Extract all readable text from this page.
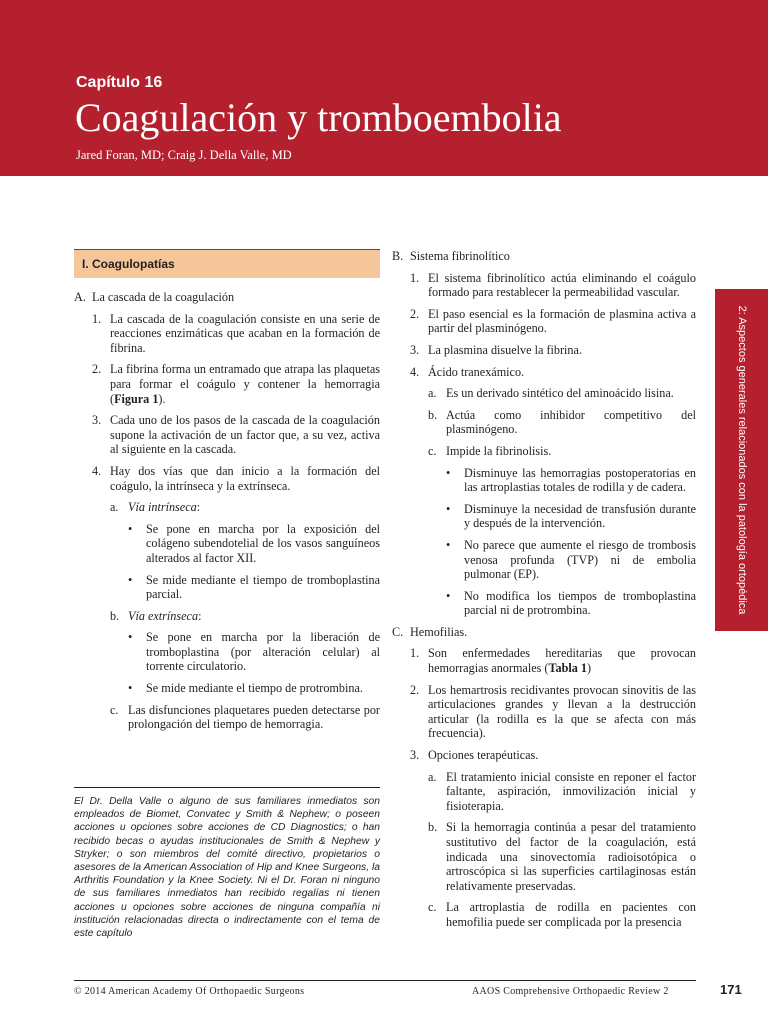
Capítulo 16
Coagulación y tromboembolia
Jared Foran, MD; Craig J. Della Valle, MD
2: Aspectos generales relacionados con la patología ortopédica
I. Coagulopatías
A. La cascada de la coagulación
1. La cascada de la coagulación consiste en una serie de reacciones enzimáticas que acaban en la formación de fibrina.
2. La fibrina forma un entramado que atrapa las plaquetas para formar el coágulo y contener la hemorragia (Figura 1).
3. Cada uno de los pasos de la cascada de la coagulación supone la activación de un factor que, a su vez, activa al siguiente en la cascada.
4. Hay dos vías que dan inicio a la formación del coágulo, la intrínseca y la extrínseca.
a. Vía intrínseca:
•	Se pone en marcha por la exposición del colágeno subendotelial de los vasos sanguíneos alterados al factor XII.
•	Se mide mediante el tiempo de tromboplastina parcial.
b. Vía extrínseca:
•	Se pone en marcha por la liberación de tromboplastina (por alteración celular) al torrente circulatorio.
•	Se mide mediante el tiempo de protrombina.
c. Las disfunciones plaquetares pueden detectarse por prolongación del tiempo de hemorragia.
El Dr. Della Valle o alguno de sus familiares inmediatos son empleados de Biomet, Convatec y Smith & Nephew; o poseen acciones u opciones sobre acciones de CD Diagnostics; o han recibido becas o ayudas institucionales de Smith & Nephew y Stryker; o son miembros del comité directivo, propietarios o asesores de la American Association of Hip and Knee Surgeons, la Arthritis Foundation y la Knee Society. Ni el Dr. Foran ni ninguno de sus familiares inmediatos han recibido regalías ni tienen acciones u opciones sobre acciones de ninguna compañía ni institución relacionadas directa o indirectamente con el tema de este capítulo
B. Sistema fibrinolítico
1. El sistema fibrinolítico actúa eliminando el coágulo formado para restablecer la permeabilidad vascular.
2. El paso esencial es la formación de plasmina activa a partir del plasminógeno.
3. La plasmina disuelve la fibrina.
4. Ácido tranexámico.
a. Es un derivado sintético del aminoácido lisina.
b. Actúa como inhibidor competitivo del plasminógeno.
c. Impide la fibrinolisis.
•	Disminuye las hemorragias postoperatorias en las artroplastias totales de rodilla y de cadera.
•	Disminuye la necesidad de transfusión durante y después de la intervención.
•	No parece que aumente el riesgo de trombosis venosa profunda (TVP) ni de embolia pulmonar (EP).
•	No modifica los tiempos de tromboplastina parcial ni de protrombina.
C. Hemofilias.
1. Son enfermedades hereditarias que provocan hemorragias anormales (Tabla 1)
2. Los hemartrosis recidivantes provocan sinovitis de las articulaciones grandes y llevan a la destrucción articular (la rodilla es la que se afecta con más frecuencia).
3. Opciones terapéuticas.
a. El tratamiento inicial consiste en reponer el factor faltante, aspiración, inmovilización inicial y fisioterapia.
b. Si la hemorragia continúa a pesar del tratamiento sustitutivo del factor de la coagulación, está indicada una sinovectomía radioisotópica o artroscópica si las superficies cartilaginosas están relativamente preservadas.
c. La artroplastia de rodilla en pacientes con hemofilia puede ser complicada por la presencia
© 2014 American Academy Of Orthopaedic Surgeons	AAOS Comprehensive Orthopaedic Review 2	171
